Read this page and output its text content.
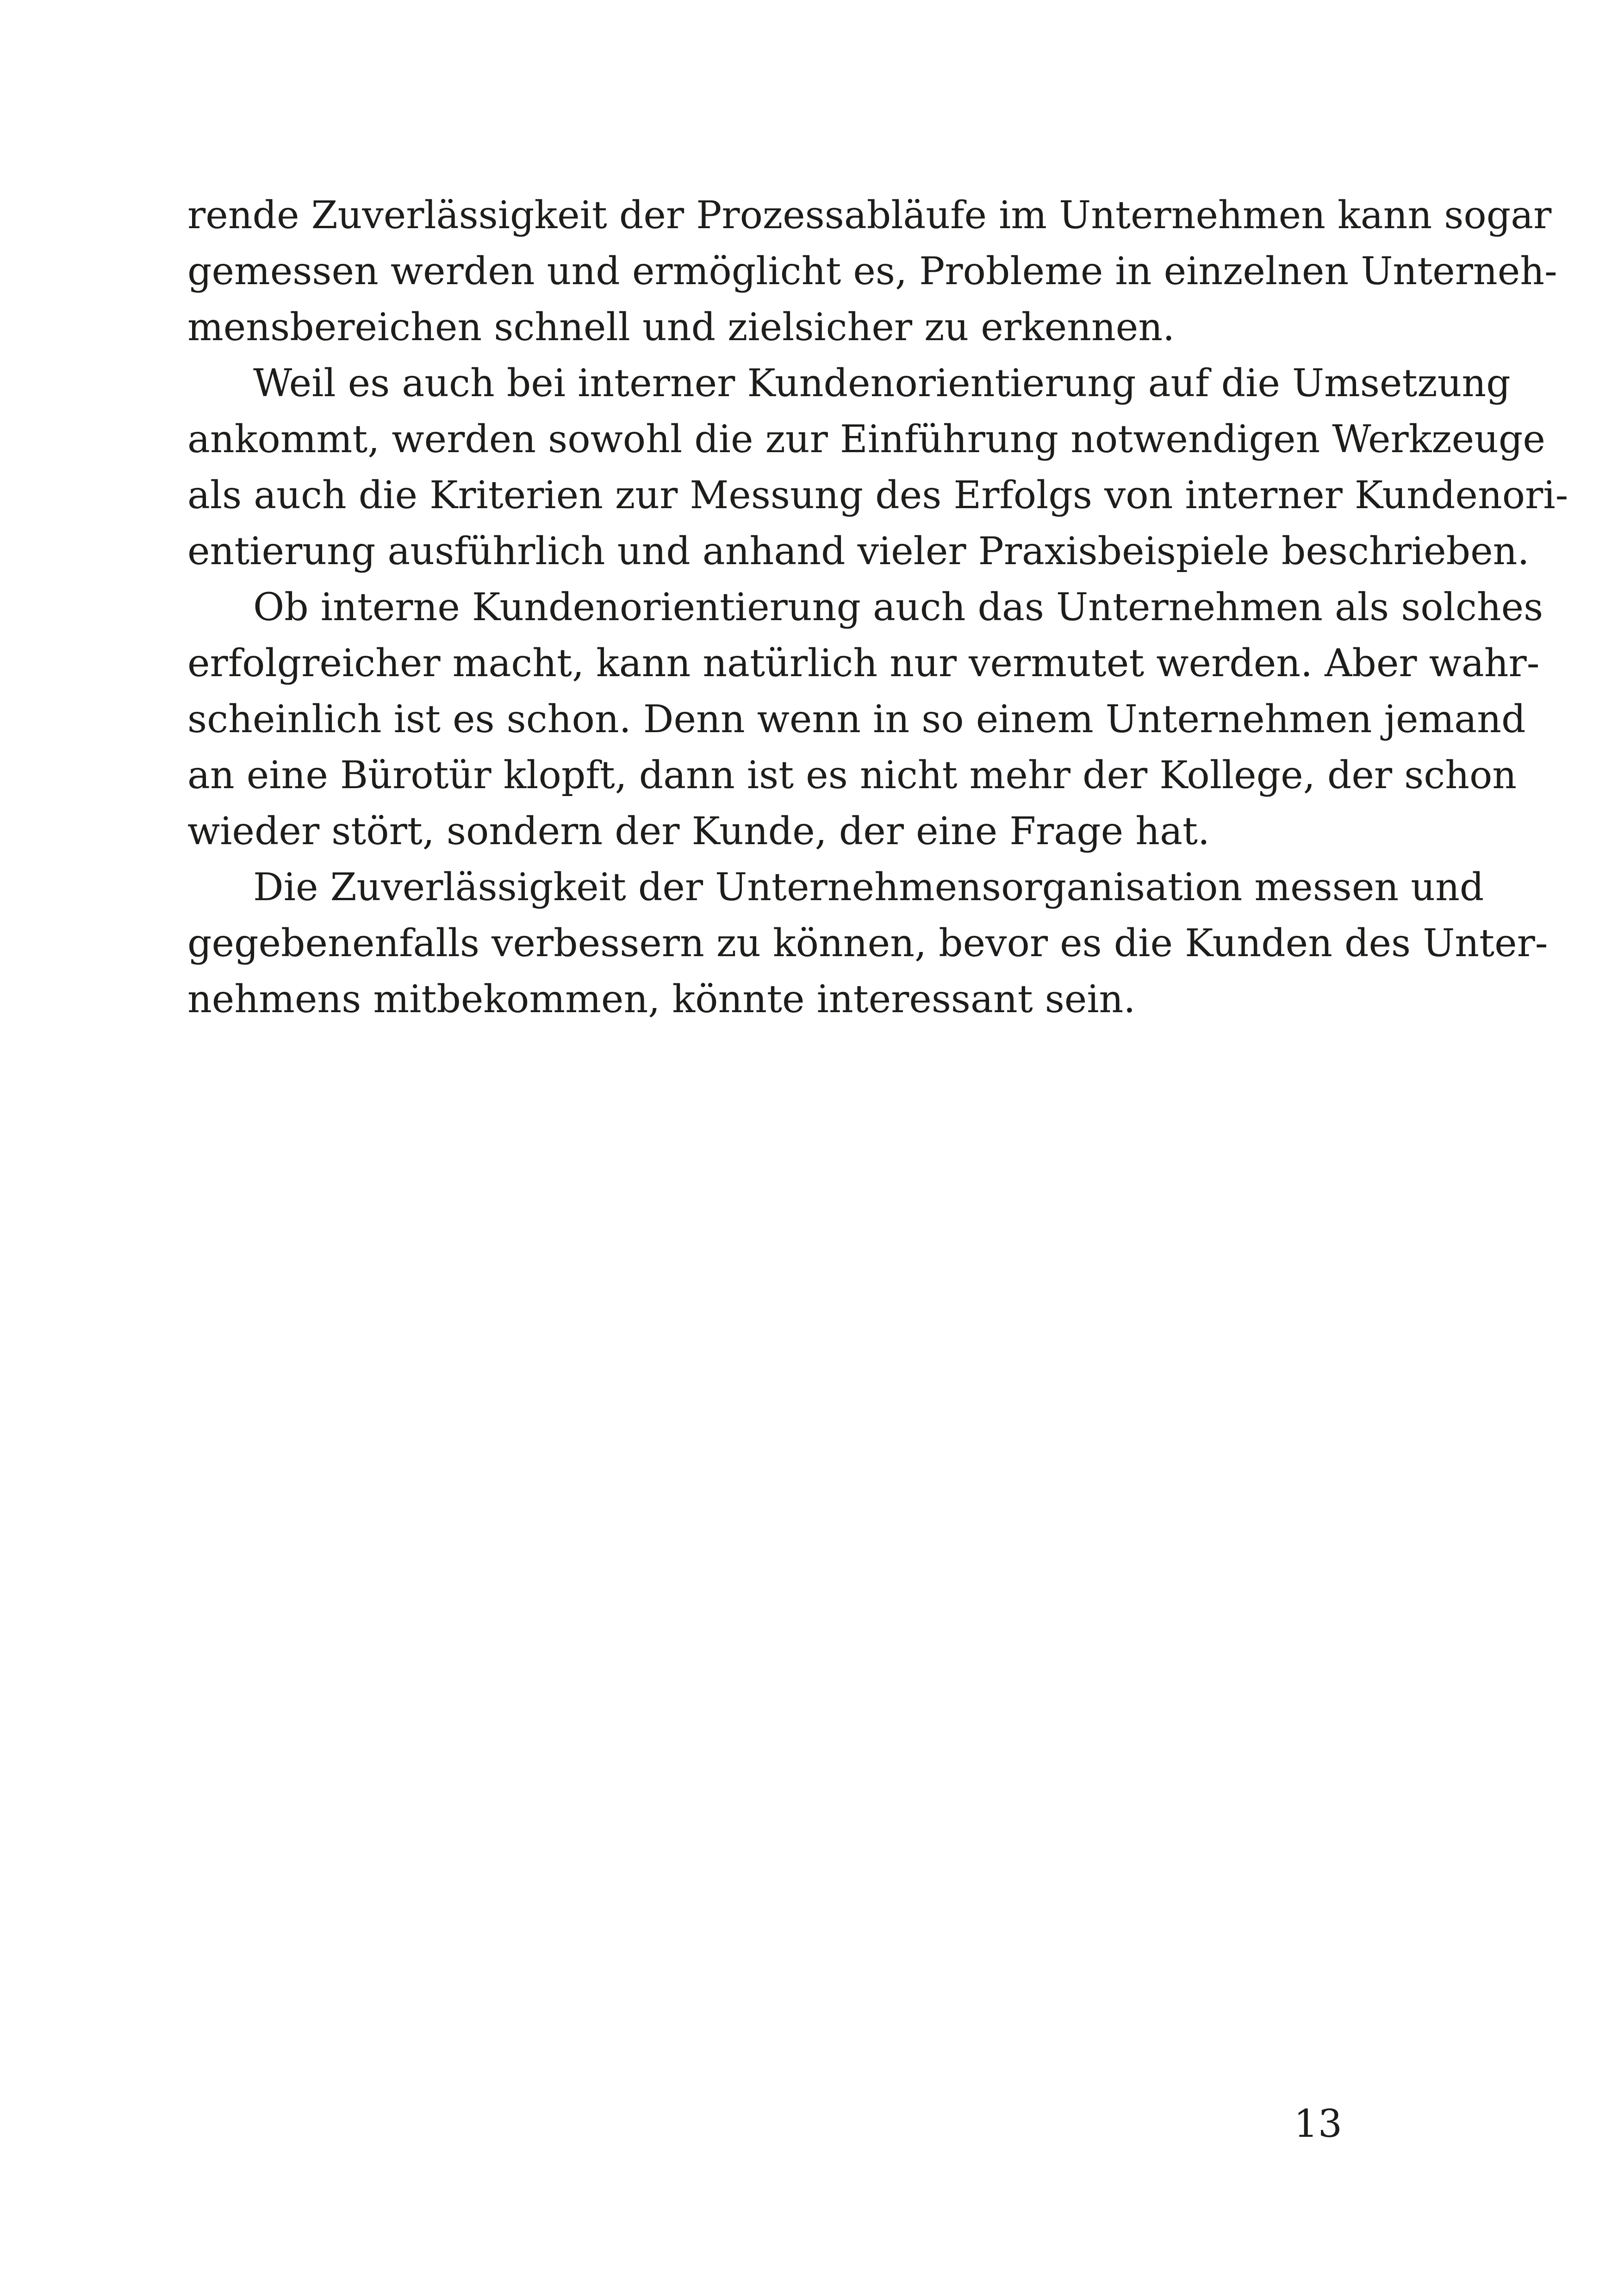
rende Zuverlässigkeit der Prozessabläufe im Unternehmen kann sogar
gemessen werden und ermöglicht es, Probleme in einzelnen Unterneh-
mensbereichen schnell und zielsicher zu erkennen.
Weil es auch bei interner Kundenorientierung auf die Umsetzung
ankommt, werden sowohl die zur Einführung notwendigen Werkzeuge
als auch die Kriterien zur Messung des Erfolgs von interner Kundenori-
entierung ausführlich und anhand vieler Praxisbeispiele beschrieben.
Ob interne Kundenorientierung auch das Unternehmen als solches
erfolgreicher macht, kann natürlich nur vermutet werden. Aber wahr-
scheinlich ist es schon. Denn wenn in so einem Unternehmen jemand
an eine Bürotür klopft, dann ist es nicht mehr der Kollege, der schon
wieder stört, sondern der Kunde, der eine Frage hat.
Die Zuverlässigkeit der Unternehmensorganisation messen und
gegebenenfalls verbessern zu können, bevor es die Kunden des Unter-
nehmens mitbekommen, könnte interessant sein.
13
